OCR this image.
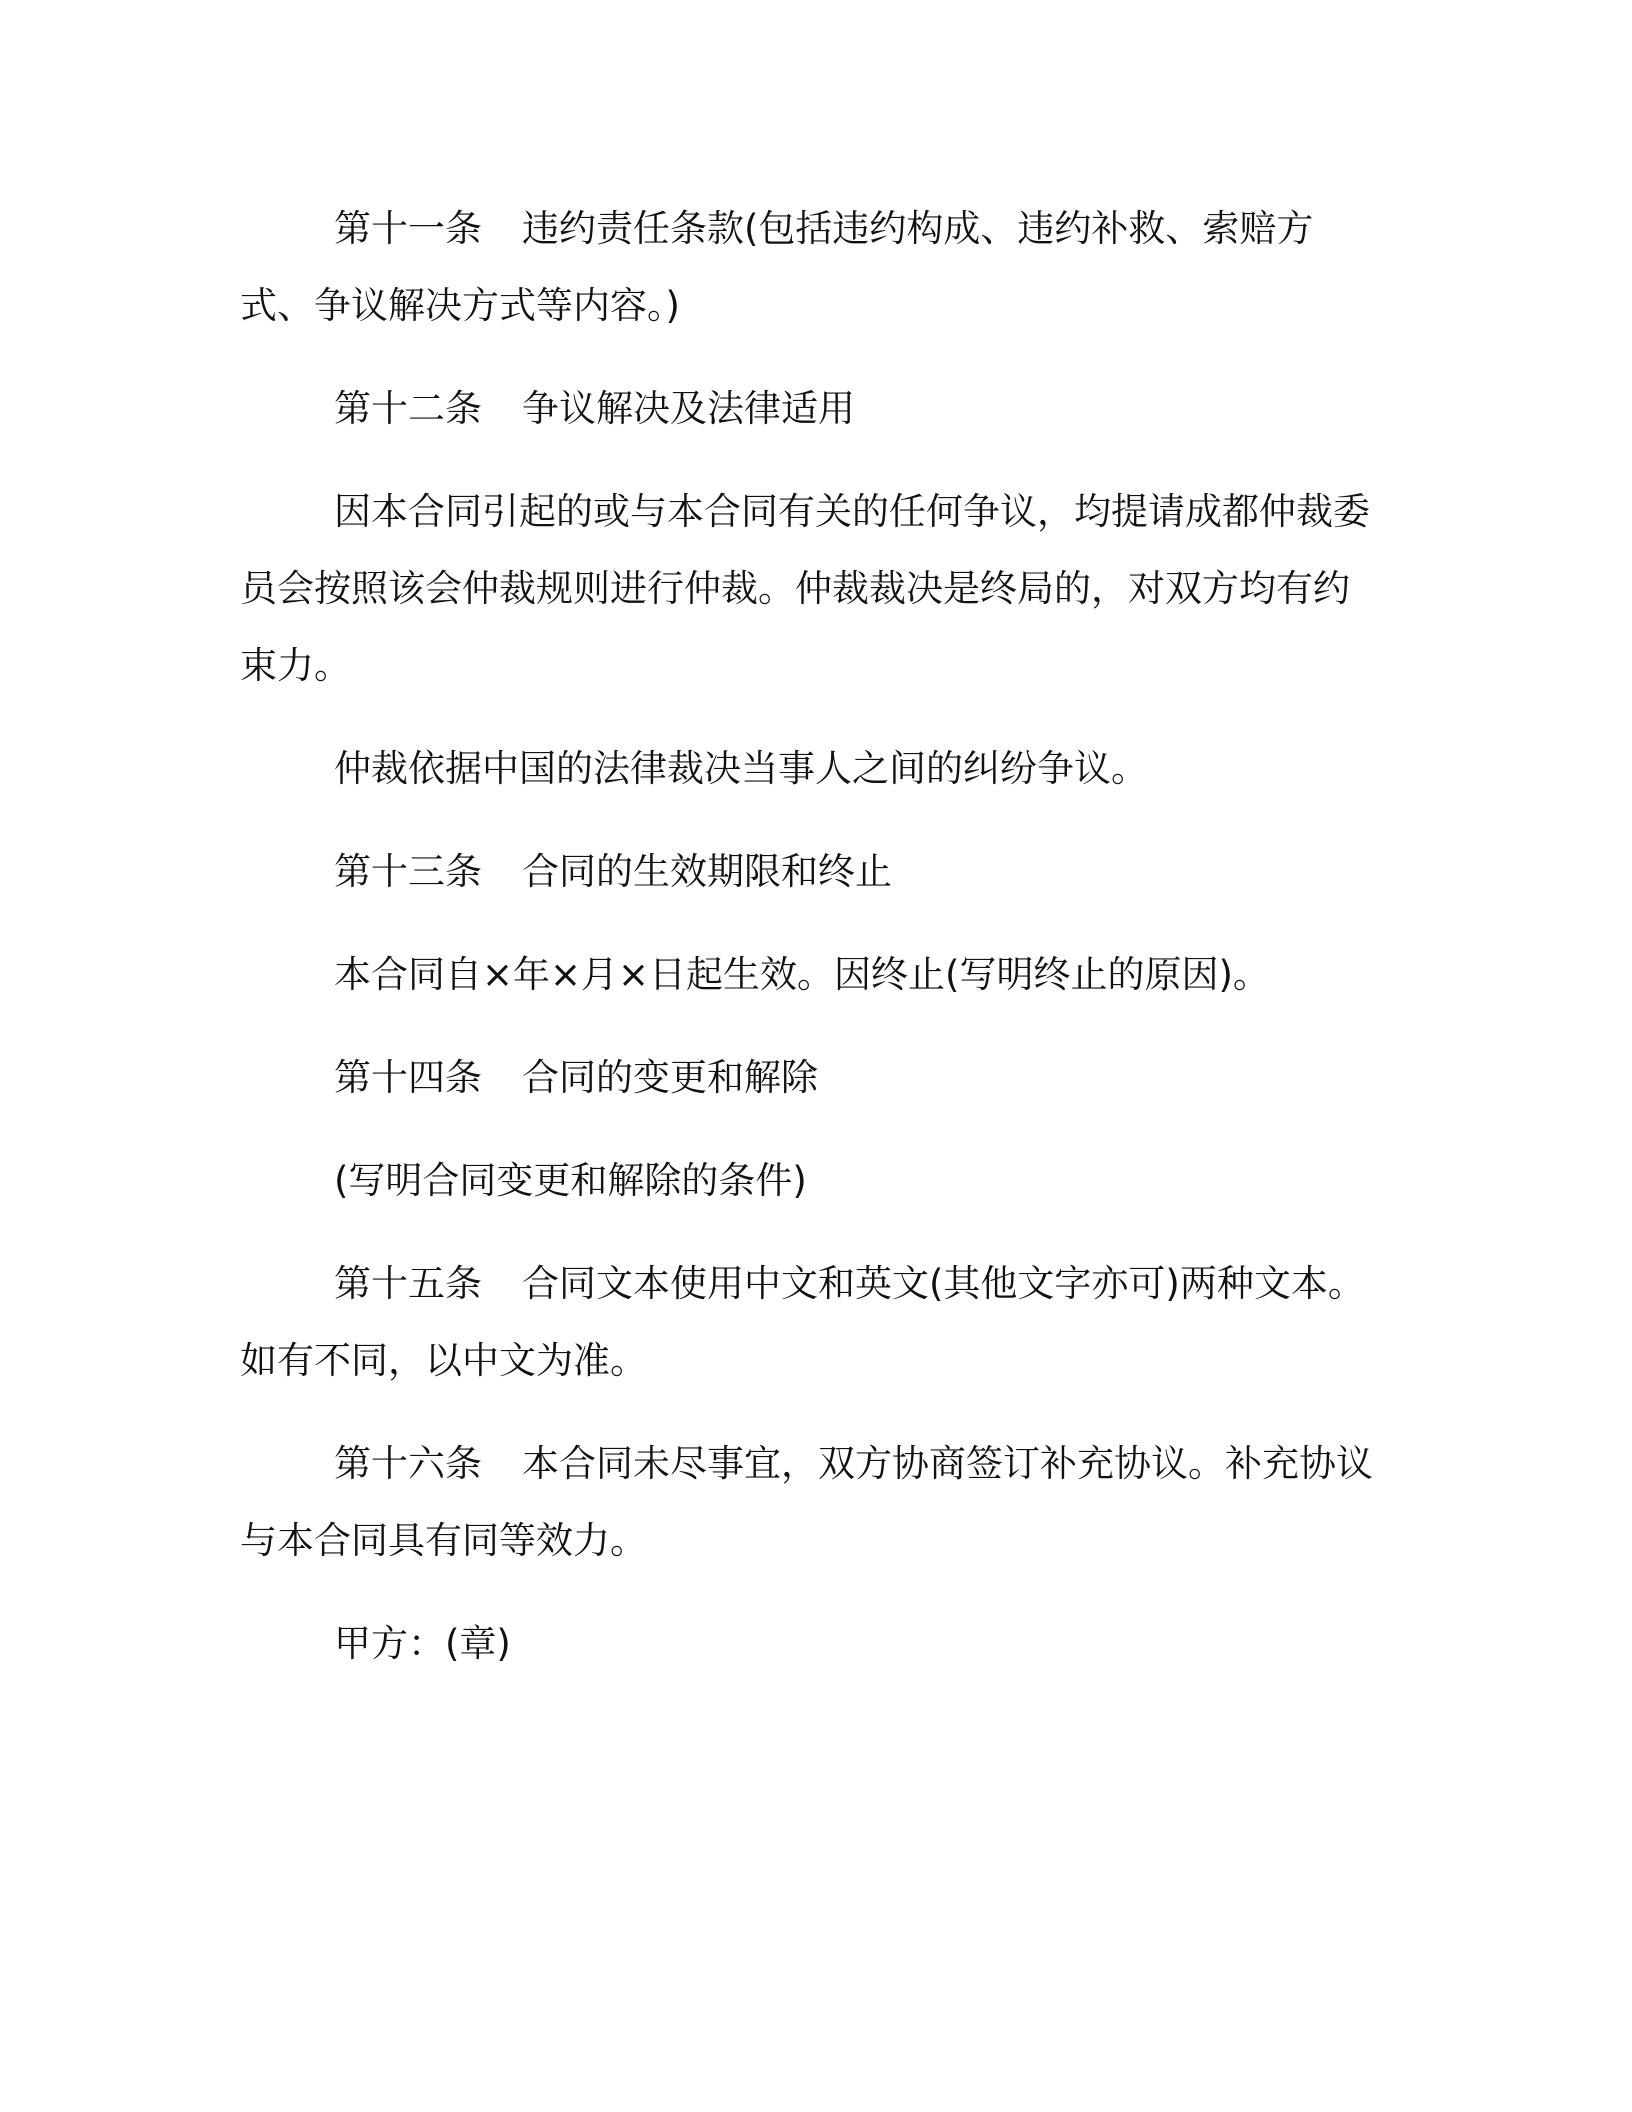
第十一条 违约责任条款(包括违约构成、违约补救、索赔方式、争议解决方式等内容。)

第十二条 争议解决及法律适用

因本合同引起的或与本合同有关的任何争议，均提请成都仲裁委员会按照该会仲裁规则进行仲裁。仲裁裁决是终局的，对双方均有约束力。

仲裁依据中国的法律裁决当事人之间的纠纷争议。

第十三条 合同的生效期限和终止

本合同自×年×月×日起生效。因终止(写明终止的原因)。

第十四条 合同的变更和解除

(写明合同变更和解除的条件)

第十五条 合同文本使用中文和英文(其他文字亦可)两种文本。如有不同，以中文为准。

第十六条 本合同未尽事宜，双方协商签订补充协议。补充协议与本合同具有同等效力。

甲方：(章)
